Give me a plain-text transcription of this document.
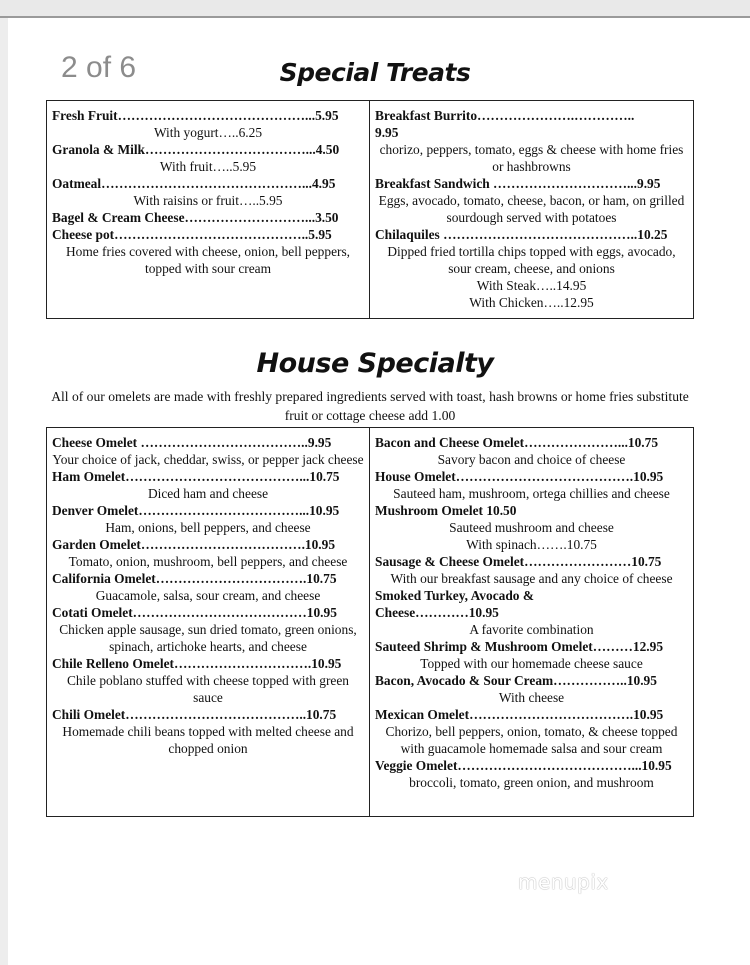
2 of 6	Special Treats
Fresh Fruit……………………………………...5.95
With yogurt…..6.25
Granola & Milk………………………………...4.50
With fruit…..5.95
Oatmeal………………………………………...4.95
With raisins or fruit…..5.95
Bagel & Cream Cheese………………………...3.50
Cheese pot……………………………………..5.95
Home fries covered with cheese, onion, bell peppers, topped with sour cream
Breakfast Burrito………………….…………..
9.95
chorizo, peppers, tomato, eggs & cheese with home fries or hashbrowns
Breakfast Sandwich …………………………...9.95
Eggs, avocado, tomato, cheese, bacon, or ham, on grilled sourdough served with potatoes
Chilaquiles ……………………………………..10.25
Dipped fried tortilla chips topped with eggs, avocado, sour cream, cheese, and onions
With Steak…..14.95
With Chicken…..12.95
House Specialty
All of our omelets are made with freshly prepared ingredients served with toast, hash browns or home fries substitute fruit or cottage cheese add 1.00
Cheese Omelet ………………………………..9.95
Your choice of jack, cheddar, swiss, or pepper jack cheese
Ham Omelet…………………………………...10.75
Diced ham and cheese
Denver Omelet………………………………...10.95
Ham, onions, bell peppers, and cheese
Garden Omelet……………………………….10.95
Tomato, onion, mushroom, bell peppers, and cheese
California Omelet…………………………….10.75
Guacamole, salsa, sour cream, and cheese
Cotati Omelet…………………………………10.95
Chicken apple sausage, sun dried tomato, green onions, spinach, artichoke hearts, and cheese
Chile Relleno Omelet………………………….10.95
Chile poblano stuffed with cheese topped with green sauce
Chili Omelet…………………………………..10.75
Homemade chili beans topped with melted cheese and chopped onion
Bacon and Cheese Omelet…………………...10.75
Savory bacon and choice of cheese
House Omelet………………………………….10.95
Sauteed ham, mushroom, ortega chillies and cheese
Mushroom Omelet 10.50
Sauteed mushroom and cheese
With spinach…….10.75
Sausage & Cheese Omelet……………………10.75
With our breakfast sausage and any choice of cheese
Smoked Turkey, Avocado &
Cheese…………10.95
A favorite combination
Sauteed Shrimp & Mushroom Omelet………12.95
Topped with our homemade cheese sauce
Bacon, Avocado & Sour Cream……………..10.95
With cheese
Mexican Omelet……………………………….10.95
Chorizo, bell peppers, onion, tomato, & cheese topped with guacamole homemade salsa and sour cream
Veggie Omelet…………………………………...10.95
broccoli, tomato, green onion, and mushroom
menupix
